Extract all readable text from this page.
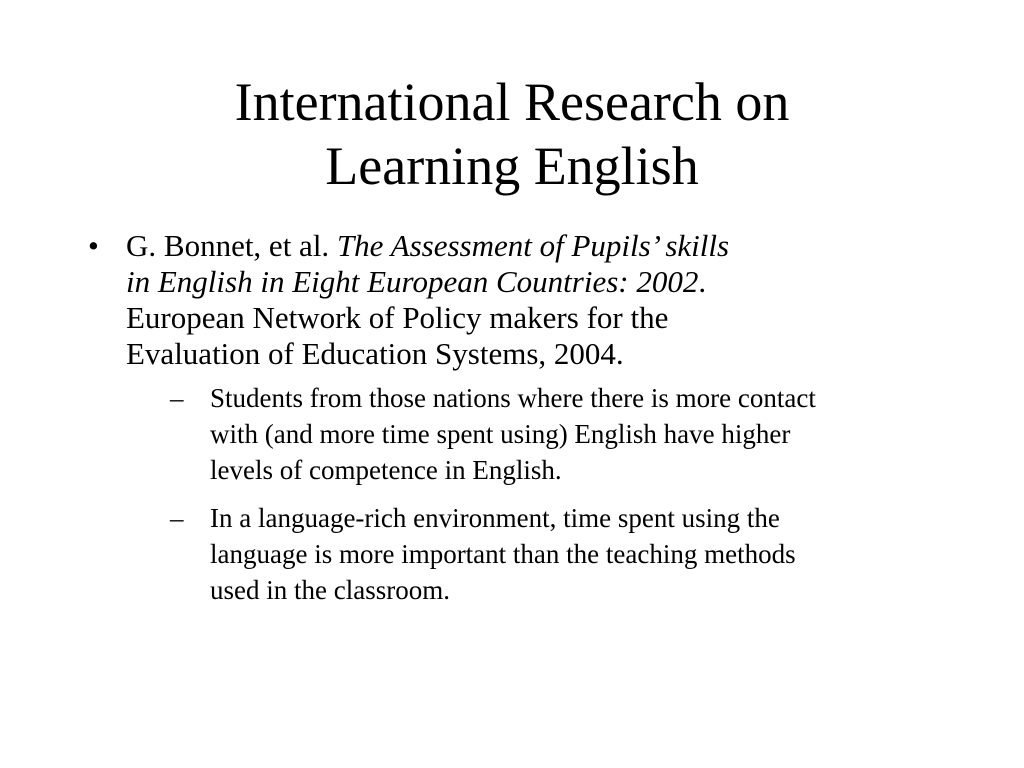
International Research on
Learning English
• G. Bonnet, et al. The Assessment of Pupils’ skills
in English in Eight European Countries: 2002.
European Network of Policy makers for the
Evaluation of Education Systems, 2004.
– Students from those nations where there is more contact
with (and more time spent using) English have higher
levels of competence in English.
– In a language-rich environment, time spent using the
language is more important than the teaching methods
used in the classroom.
